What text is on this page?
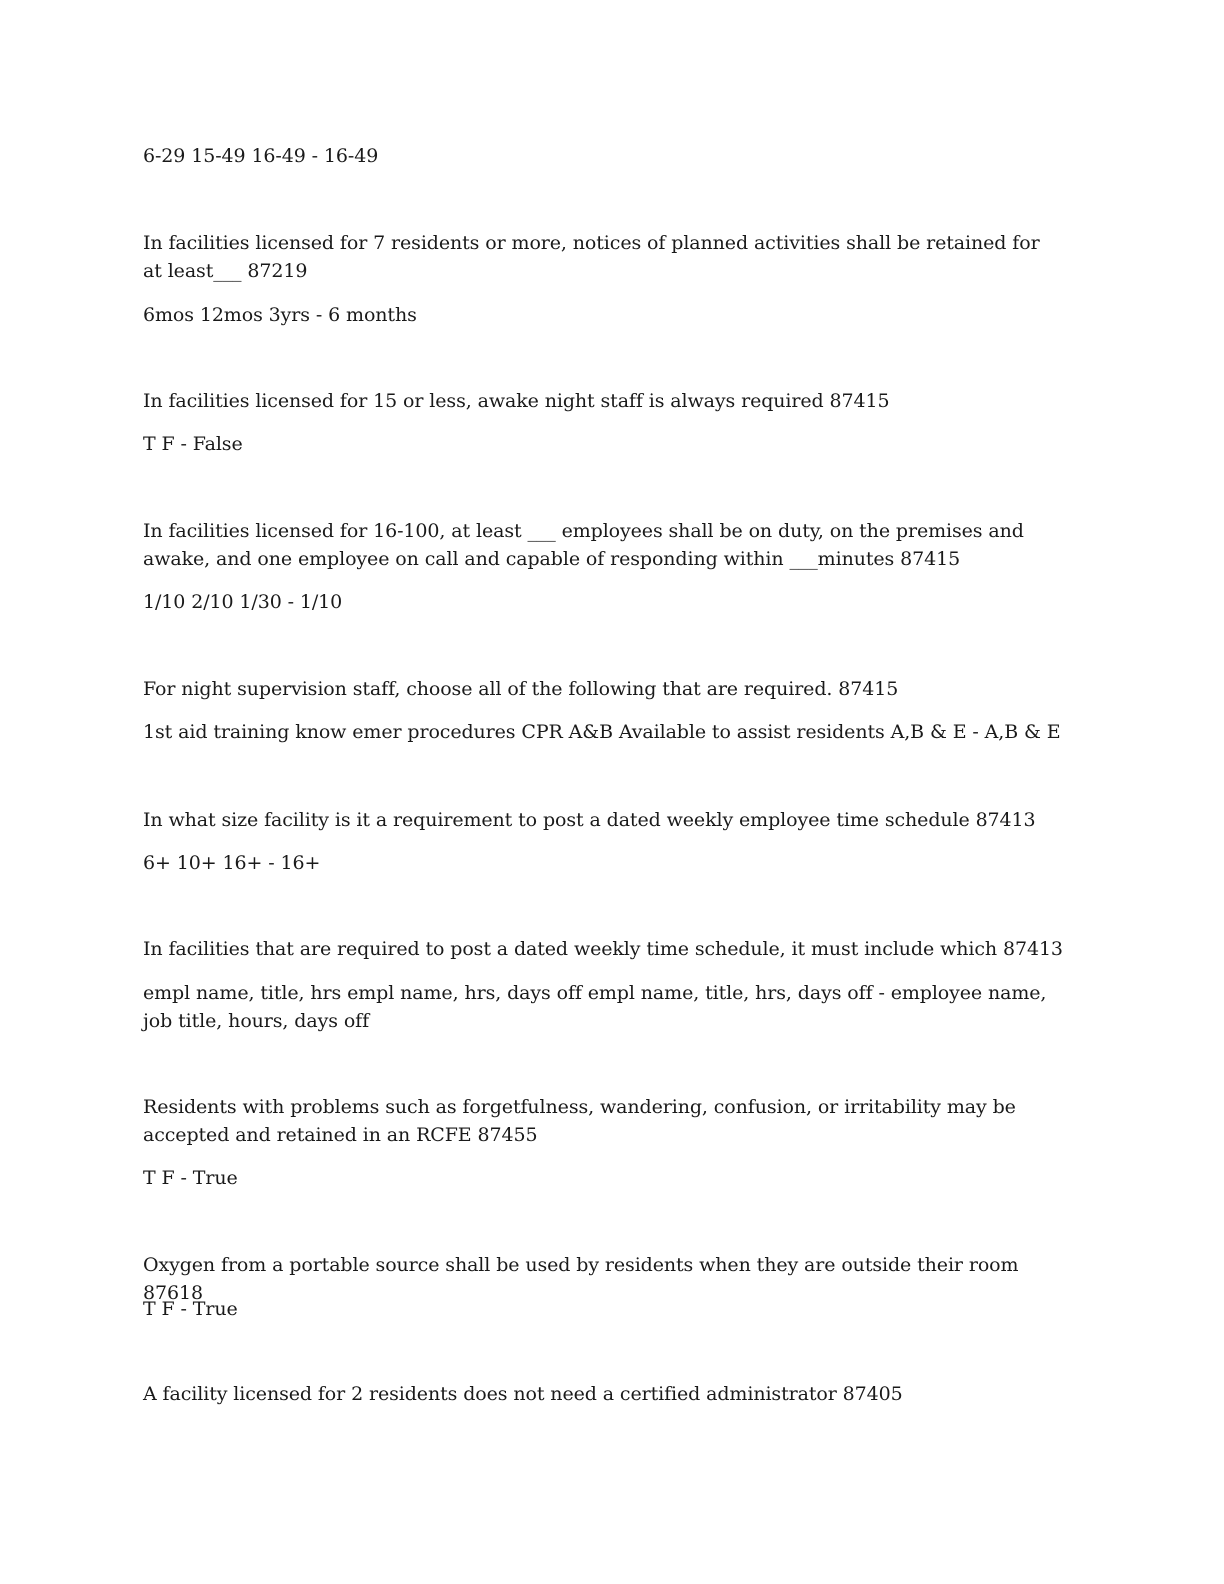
6-29 15-49 16-49 - 16-49
In facilities licensed for 7 residents or more, notices of planned activities shall be retained for at least___ 87219
6mos 12mos 3yrs - 6 months
In facilities licensed for 15 or less, awake night staff is always required 87415
T F - False
In facilities licensed for 16-100, at least ___ employees shall be on duty, on the premises and awake, and one employee on call and capable of responding within ___minutes 87415
1/10 2/10 1/30 - 1/10
For night supervision staff, choose all of the following that are required. 87415
1st aid training know emer procedures CPR A&B Available to assist residents A,B & E - A,B & E
In what size facility is it a requirement to post a dated weekly employee time schedule 87413
6+ 10+ 16+ - 16+
In facilities that are required to post a dated weekly time schedule, it must include which 87413
empl name, title, hrs empl name, hrs, days off empl name, title, hrs, days off - employee name, job title, hours, days off
Residents with problems such as forgetfulness, wandering, confusion, or irritability may be accepted and retained in an RCFE 87455
T F - True
Oxygen from a portable source shall be used by residents when they are outside their room 87618
T F - True
A facility licensed for 2 residents does not need a certified administrator 87405
